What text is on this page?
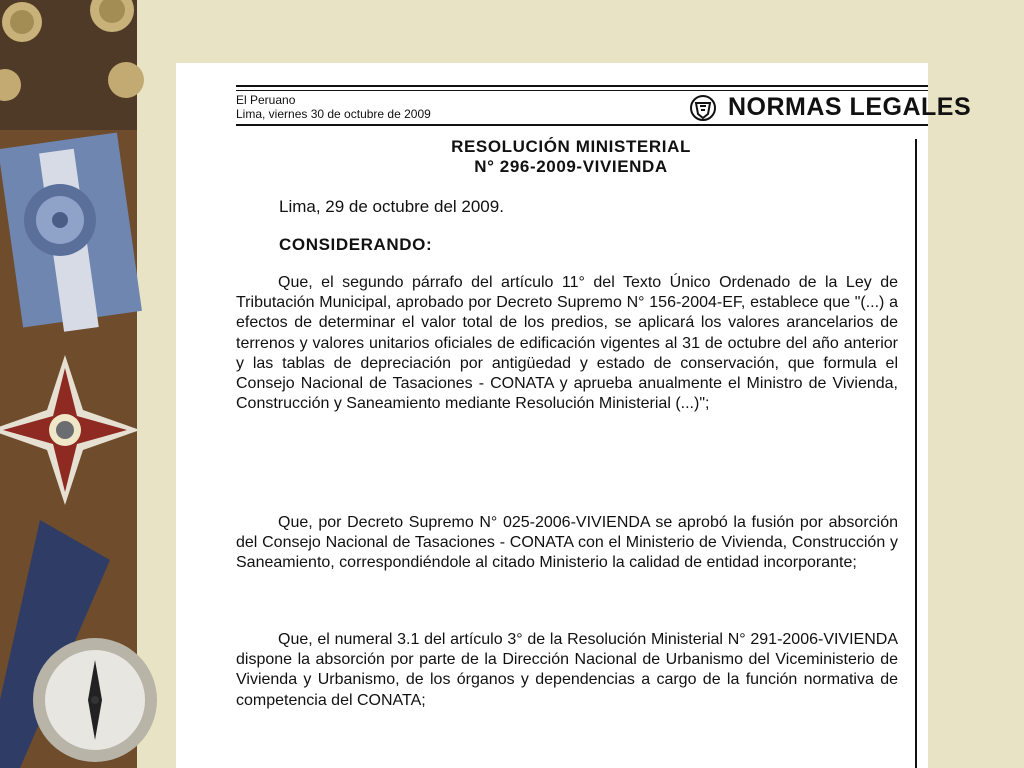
El Peruano
Lima, viernes 30 de octubre de 2009	NORMAS LEGALES
RESOLUCIÓN MINISTERIAL
N° 296-2009-VIVIENDA
Lima, 29 de octubre del 2009.
CONSIDERANDO:

Que, el segundo párrafo del artículo 11° del Texto Único Ordenado de la Ley de Tributación Municipal, aprobado por Decreto Supremo N° 156-2004-EF, establece que "(...) a efectos de determinar el valor total de los predios, se aplicará los valores arancelarios de terrenos y valores unitarios oficiales de edificación vigentes al 31 de octubre del año anterior y las tablas de depreciación por antigüedad y estado de conservación, que formula el Consejo Nacional de Tasaciones - CONATA y aprueba anualmente el Ministro de Vivienda, Construcción y Saneamiento mediante Resolución Ministerial (...)";

Que, por Decreto Supremo N° 025-2006-VIVIENDA se aprobó la fusión por absorción del Consejo Nacional de Tasaciones - CONATA con el Ministerio de Vivienda, Construcción y Saneamiento, correspondiéndole al citado Ministerio la calidad de entidad incorporante;

Que, el numeral 3.1 del artículo 3° de la Resolución Ministerial N° 291-2006-VIVIENDA dispone la absorción por parte de la Dirección Nacional de Urbanismo del Viceministerio de Vivienda y Urbanismo, de los órganos y dependencias a cargo de la función normativa de competencia del CONATA;
